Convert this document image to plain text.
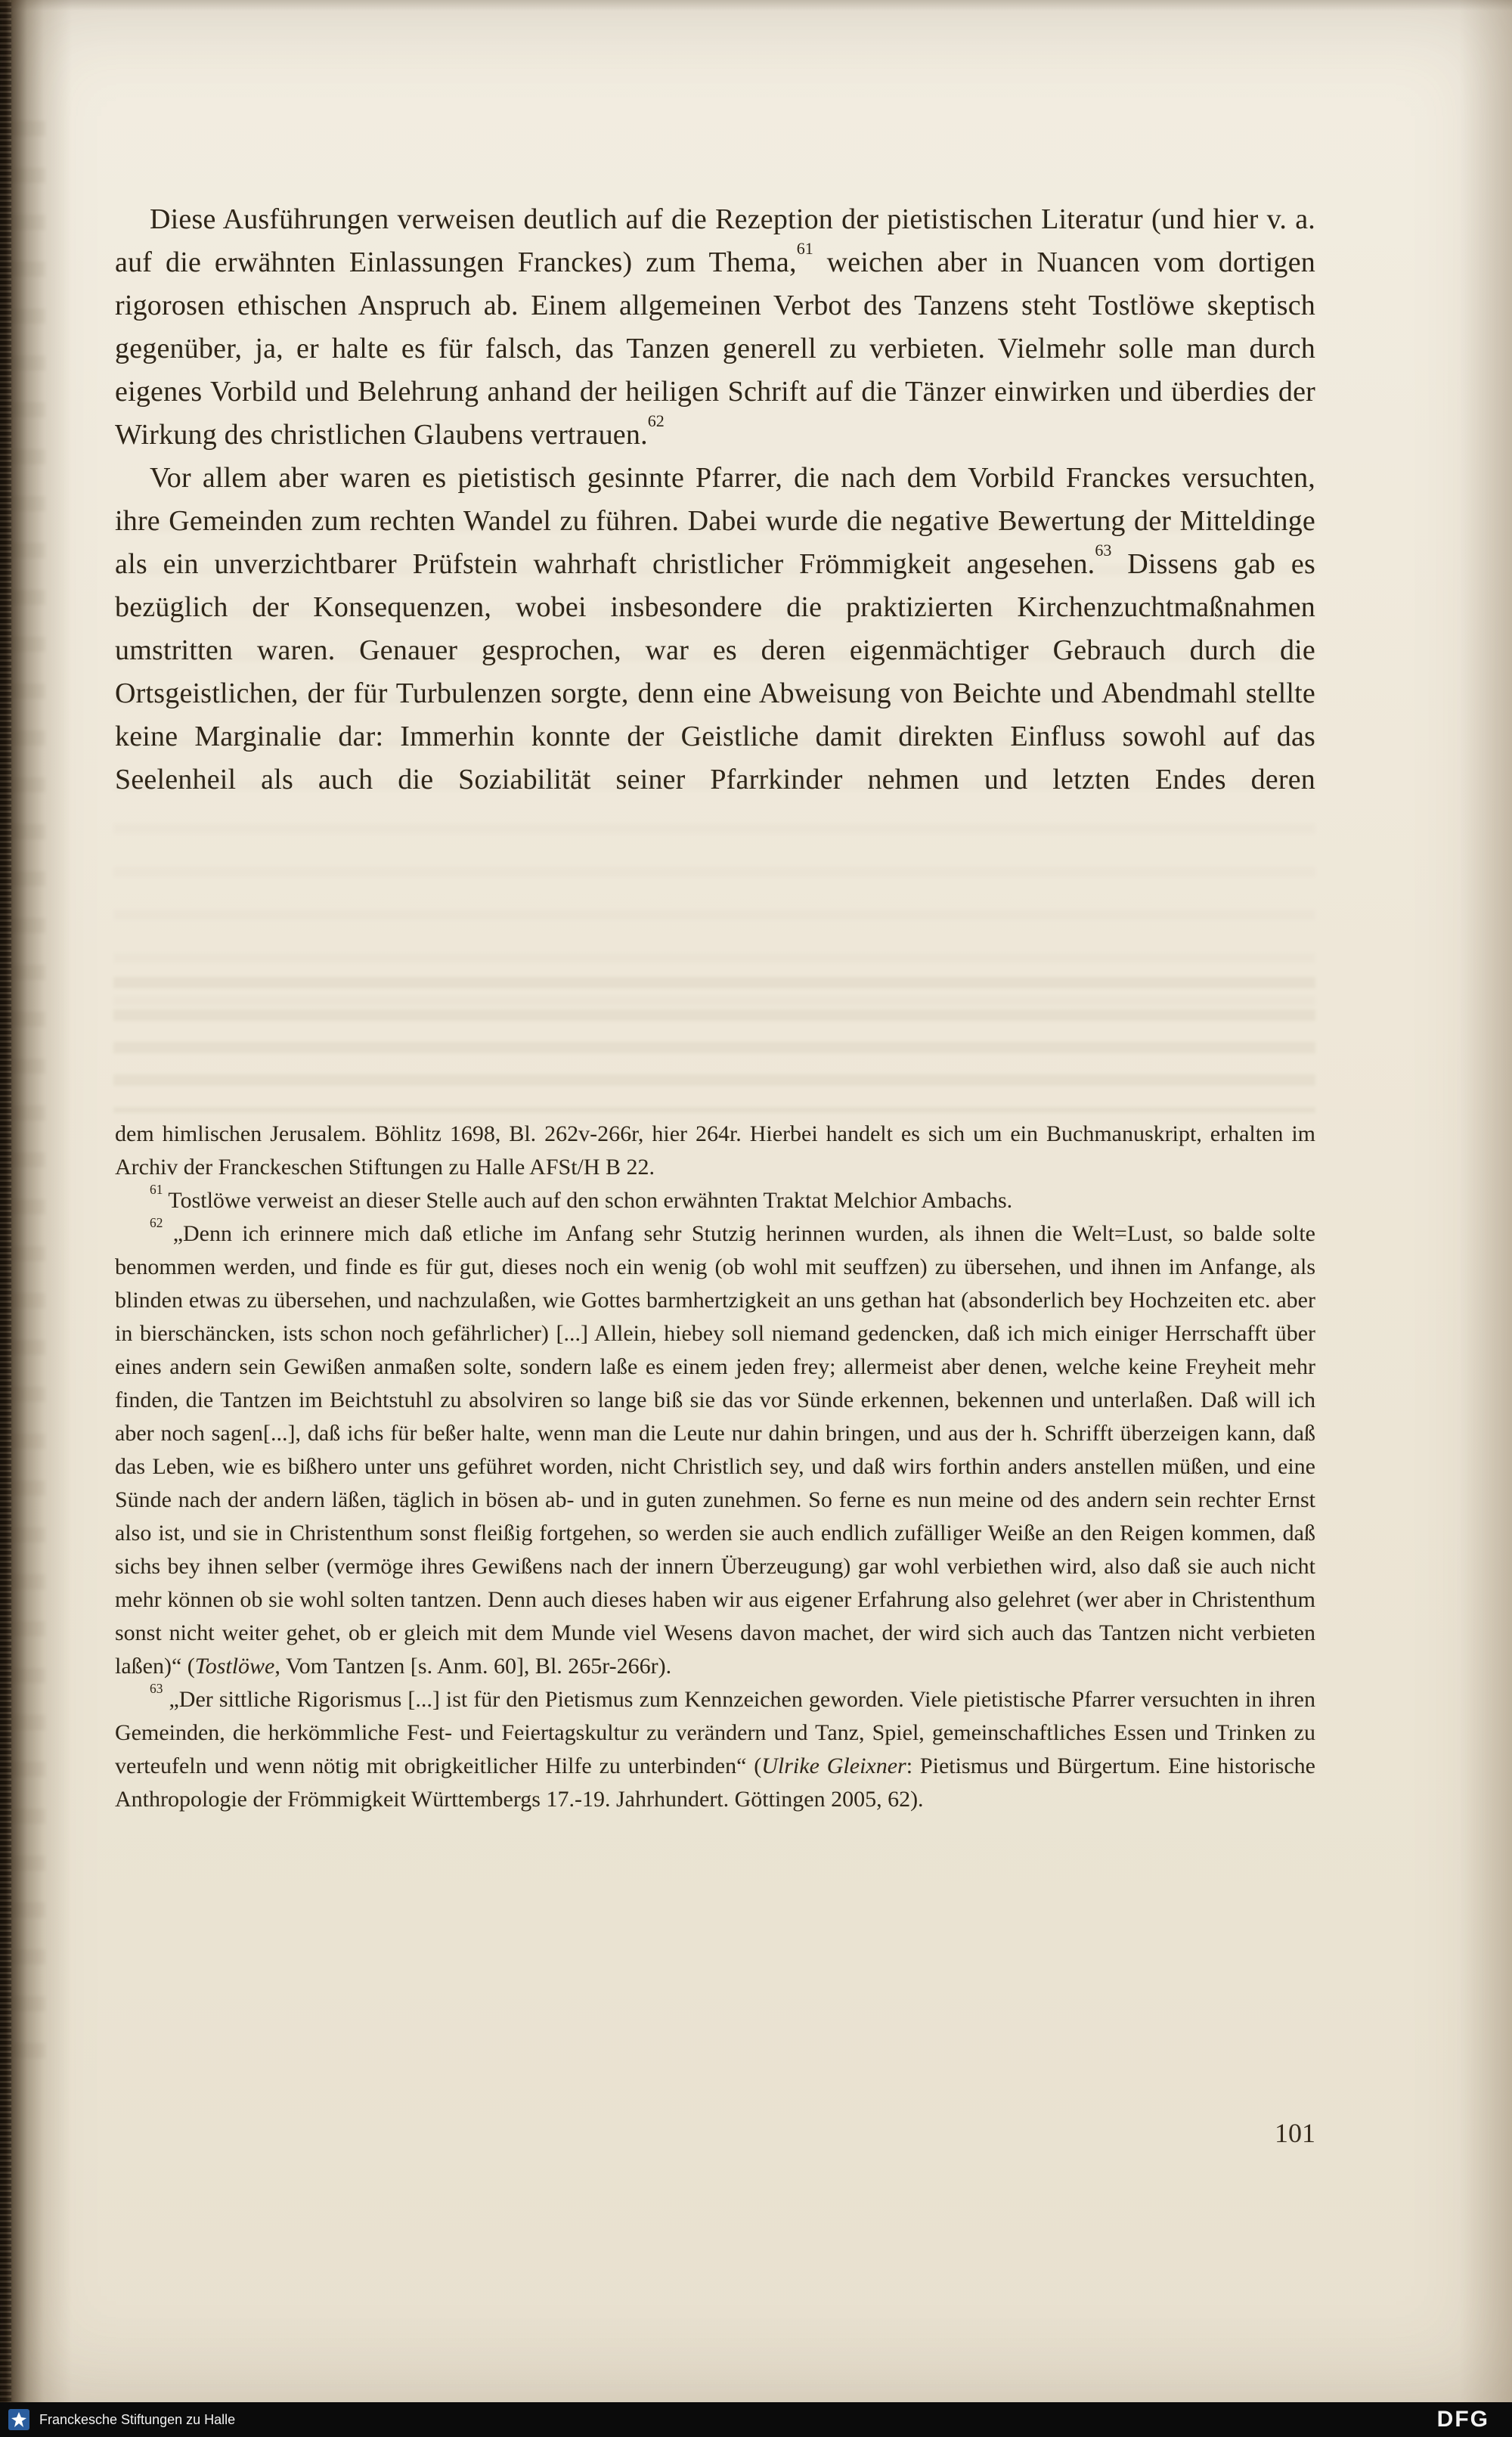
Diese Ausführungen verweisen deutlich auf die Rezeption der pietistischen Literatur (und hier v. a. auf die erwähnten Einlassungen Franckes) zum Thema,$^{61}$ weichen aber in Nuancen vom dortigen rigorosen ethischen Anspruch ab. Einem allgemeinen Verbot des Tanzens steht Tostlöwe skeptisch gegenüber, ja, er halte es für falsch, das Tanzen generell zu verbieten. Vielmehr solle man durch eigenes Vorbild und Belehrung anhand der heiligen Schrift auf die Tänzer einwirken und überdies der Wirkung des christlichen Glaubens vertrauen.$^{62}$

Vor allem aber waren es pietistisch gesinnte Pfarrer, die nach dem Vorbild Franckes versuchten, ihre Gemeinden zum rechten Wandel zu führen. Dabei wurde die negative Bewertung der Mitteldinge als ein unverzichtbarer Prüfstein wahrhaft christlicher Frömmigkeit angesehen.$^{63}$ Dissens gab es bezüglich der Konsequenzen, wobei insbesondere die praktizierten Kirchenzuchtmaßnahmen umstritten waren. Genauer gesprochen, war es deren eigenmächtiger Gebrauch durch die Ortsgeistlichen, der für Turbulenzen sorgte, denn eine Abweisung von Beichte und Abendmahl stellte keine Marginalie dar: Immerhin konnte der Geistliche damit direkten Einfluss sowohl auf das Seelenheil als auch die Soziabilität seiner Pfarrkinder nehmen und letzten Endes deren

dem himlischen Jerusalem. Böhlitz 1698, Bl. 262v-266r, hier 264r. Hierbei handelt es sich um ein Buchmanuskript, erhalten im Archiv der Franckeschen Stiftungen zu Halle AFSt/H B 22.

$^{61}$ Tostlöwe verweist an dieser Stelle auch auf den schon erwähnten Traktat Melchior Ambachs.

$^{62}$ „Denn ich erinnere mich daß etliche im Anfang sehr Stutzig herinnen wurden, als ihnen die Welt=Lust, so balde solte benommen werden, und finde es für gut, dieses noch ein wenig (ob wohl mit seuffzen) zu übersehen, und ihnen im Anfange, als blinden etwas zu übersehen, und nachzulaßen, wie Gottes barmhertzigkeit an uns gethan hat (absonderlich bey Hochzeiten etc. aber in bierschäncken, ists schon noch gefährlicher) [...] Allein, hiebey soll niemand gedencken, daß ich mich einiger Herrschafft über eines andern sein Gewißen anmaßen solte, sondern laße es einem jeden frey; allermeist aber denen, welche keine Freyheit mehr finden, die Tantzen im Beichtstuhl zu absolviren so lange biß sie das vor Sünde erkennen, bekennen und unterlaßen. Daß will ich aber noch sagen[...], daß ichs für beßer halte, wenn man die Leute nur dahin bringen, und aus der h. Schrifft überzeigen kann, daß das Leben, wie es bißhero unter uns geführet worden, nicht Christlich sey, und daß wirs forthin anders anstellen müßen, und eine Sünde nach der andern läßen, täglich in bösen ab- und in guten zunehmen. So ferne es nun meine od des andern sein rechter Ernst also ist, und sie in Christenthum sonst fleißig fortgehen, so werden sie auch endlich zufälliger Weiße an den Reigen kommen, daß sichs bey ihnen selber (vermöge ihres Gewißens nach der innern Überzeugung) gar wohl verbiethen wird, also daß sie auch nicht mehr können ob sie wohl solten tantzen. Denn auch dieses haben wir aus eigener Erfahrung also gelehret (wer aber in Christenthum sonst nicht weiter gehet, ob er gleich mit dem Munde viel Wesens davon machet, der wird sich auch das Tantzen nicht verbieten laßen)“ (Tostlöwe, Vom Tantzen [s. Anm. 60], Bl. 265r-266r).

$^{63}$ „Der sittliche Rigorismus [...] ist für den Pietismus zum Kennzeichen geworden. Viele pietistische Pfarrer versuchten in ihren Gemeinden, die herkömmliche Fest- und Feiertagskultur zu verändern und Tanz, Spiel, gemeinschaftliches Essen und Trinken zu verteufeln und wenn nötig mit obrigkeitlicher Hilfe zu unterbinden“ (Ulrike Gleixner: Pietismus und Bürgertum. Eine historische Anthropologie der Frömmigkeit Württembergs 17.-19. Jahrhundert. Göttingen 2005, 62).

101
Franckesche Stiftungen zu Halle	DFG
